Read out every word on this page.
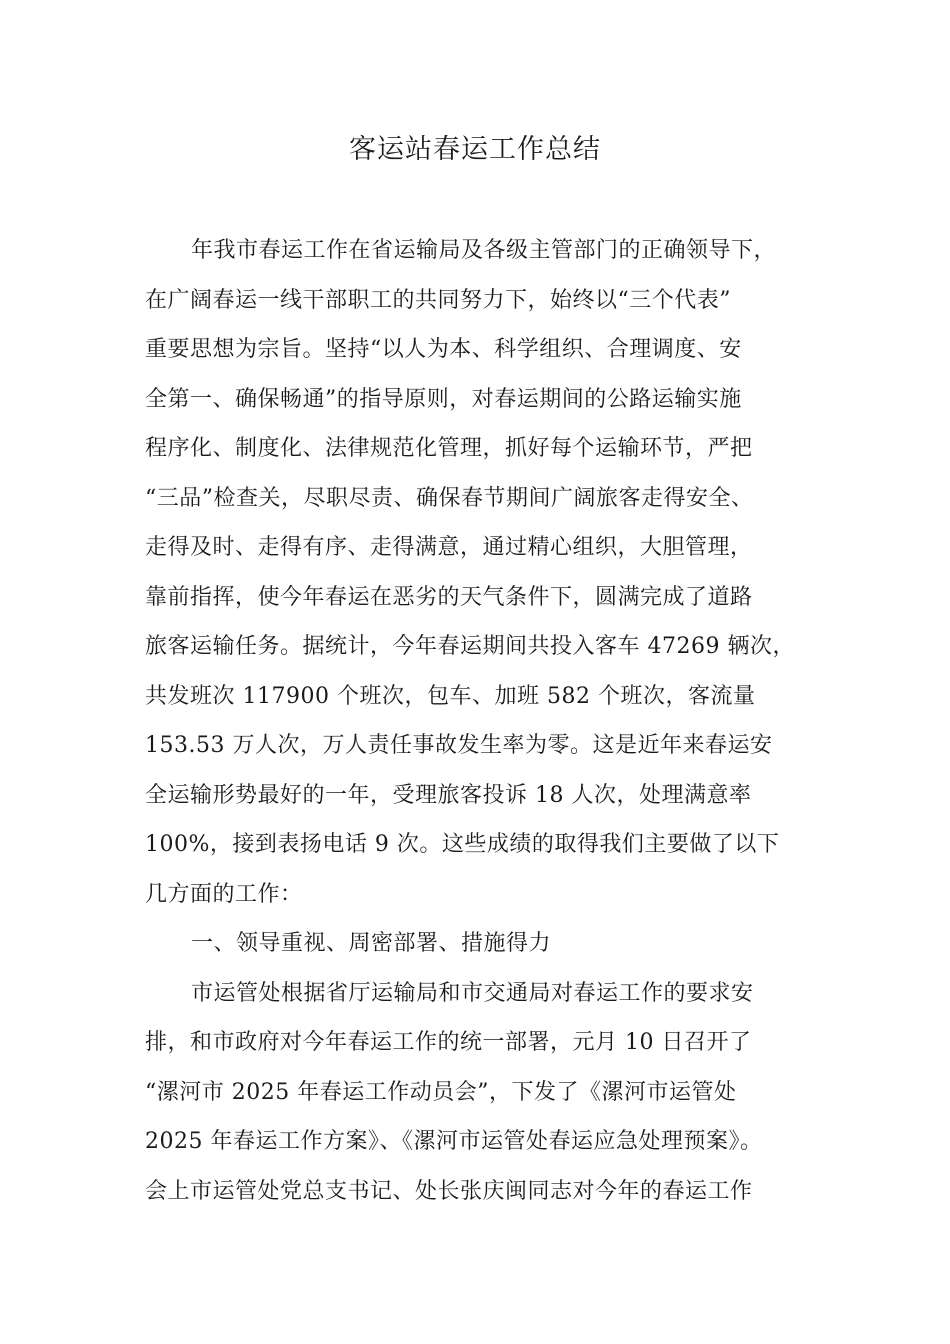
客运站春运工作总结
年我市春运工作在省运输局及各级主管部门的正确领导下，
在广阔春运一线干部职工的共同努力下，始终以“三个代表”
重要思想为宗旨。坚持“以人为本、科学组织、合理调度、安
全第一、确保畅通”的指导原则，对春运期间的公路运输实施
程序化、制度化、法律规范化管理，抓好每个运输环节，严把
“三品”检查关，尽职尽责、确保春节期间广阔旅客走得安全、
走得及时、走得有序、走得满意，通过精心组织，大胆管理，
靠前指挥，使今年春运在恶劣的天气条件下，圆满完成了道路
旅客运输任务。据统计，今年春运期间共投入客车 47269 辆次，
共发班次 117900 个班次，包车、加班 582 个班次，客流量
153.53 万人次，万人责任事故发生率为零。这是近年来春运安
全运输形势最好的一年，受理旅客投诉 18 人次，处理满意率
100%，接到表扬电话 9 次。这些成绩的取得我们主要做了以下
几方面的工作：
一、领导重视、周密部署、措施得力
市运管处根据省厅运输局和市交通局对春运工作的要求安
排，和市政府对今年春运工作的统一部署，元月 10 日召开了
“漯河市 2025 年春运工作动员会”，下发了《漯河市运管处
2025 年春运工作方案》、《漯河市运管处春运应急处理预案》。
会上市运管处党总支书记、处长张庆闽同志对今年的春运工作
